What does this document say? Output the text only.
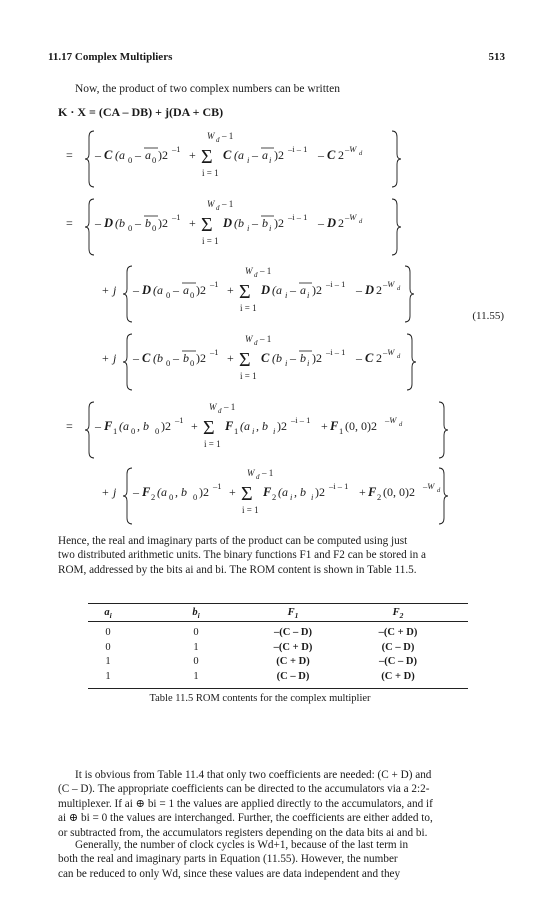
11.17 Complex Multipliers	513
Now, the product of two complex numbers can be written
K · X = (CA – DB) + j(DA + CB)
= – C (a 0 – a 0 )2 –1 +
W d – 1
Σ
i = 1
C (a i – a i )2 –i – 1 – C 2 –W d
= – D (b 0 – b 0 )2 –1 +
W d – 1
Σ
i = 1
D (b i – b i )2 –i – 1 – D 2 –W d
+ j – D (a 0 – a 0 )2 –1 +
W d – 1
Σ
i = 1
D (a i – a i )2 –i – 1 – D 2 –W d
+ j – C (b 0 – b 0 )2 –1 +
W d – 1
Σ
i = 1
C (b i – b i )2 –i – 1 – C 2 –W d
= – F 1 (a 0 , b 0 )2 –1 +
W d – 1
Σ
i = 1
F 1 (a i , b i )2 –i – 1 + F 1 (0, 0)2 –W d
+ j – F 2 (a 0 , b 0 )2 –1 +
W d – 1
Σ
i = 1
F 2 (a i , b i )2 –i – 1 + F 2 (0, 0)2 –W d
(11.55)
Hence, the real and imaginary parts of the product can be computed using just
two distributed arithmetic units. The binary functions F1 and F2 can be stored in a
ROM, addressed by the bits ai and bi. The ROM content is shown in Table 11.5.
$a_i$	$b_i$	$F_1$	$F_2$
0	0	–(C – D)	–(C + D)
0	1	–(C + D)	(C – D)
1	0	(C + D)	–(C – D)
1	1	(C – D)	(C + D)
Table 11.5 ROM contents for the complex multiplier
It is obvious from Table 11.4 that only two coefficients are needed: (C + D) and
(C – D). The appropriate coefficients can be directed to the accumulators via a 2:2-
multiplexer. If ai ⊕ bi = 1 the values are applied directly to the accumulators, and if
ai ⊕ bi = 0 the values are interchanged. Further, the coefficients are either added to,
or subtracted from, the accumulators registers depending on the data bits ai and bi.
Generally, the number of clock cycles is Wd+1, because of the last term in
both the real and imaginary parts in Equation (11.55). However, the number
can be reduced to only Wd, since these values are data independent and they
